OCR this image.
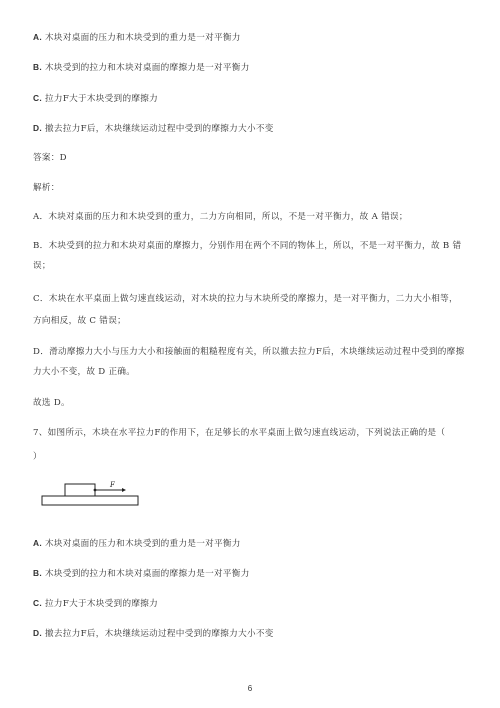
A. 木块对桌面的压力和木块受到的重力是一对平衡力
B. 木块受到的拉力和木块对桌面的摩擦力是一对平衡力
C. 拉力F大于木块受到的摩擦力
D. 撤去拉力F后，木块继续运动过程中受到的摩擦力大小不变
答案：D
解析：
A．木块对桌面的压力和木块受到的重力，二力方向相同，所以，不是一对平衡力，故 A 错误；
B．木块受到的拉力和木块对桌面的摩擦力，分别作用在两个不同的物体上，所以，不是一对平衡力，故 B 错
误；
C．木块在水平桌面上做匀速直线运动，对木块的拉力与木块所受的摩擦力，是一对平衡力，二力大小相等，
方向相反，故 C 错误；
D．滑动摩擦力大小与压力大小和接触面的粗糙程度有关，所以撤去拉力F后，木块继续运动过程中受到的摩擦
力大小不变，故 D 正确。
故选 D。
7、如图所示，木块在水平拉力F的作用下，在足够长的水平桌面上做匀速直线运动，下列说法正确的是（
）
F
A. 木块对桌面的压力和木块受到的重力是一对平衡力
B. 木块受到的拉力和木块对桌面的摩擦力是一对平衡力
C. 拉力F大于木块受到的摩擦力
D. 撤去拉力F后，木块继续运动过程中受到的摩擦力大小不变
6
